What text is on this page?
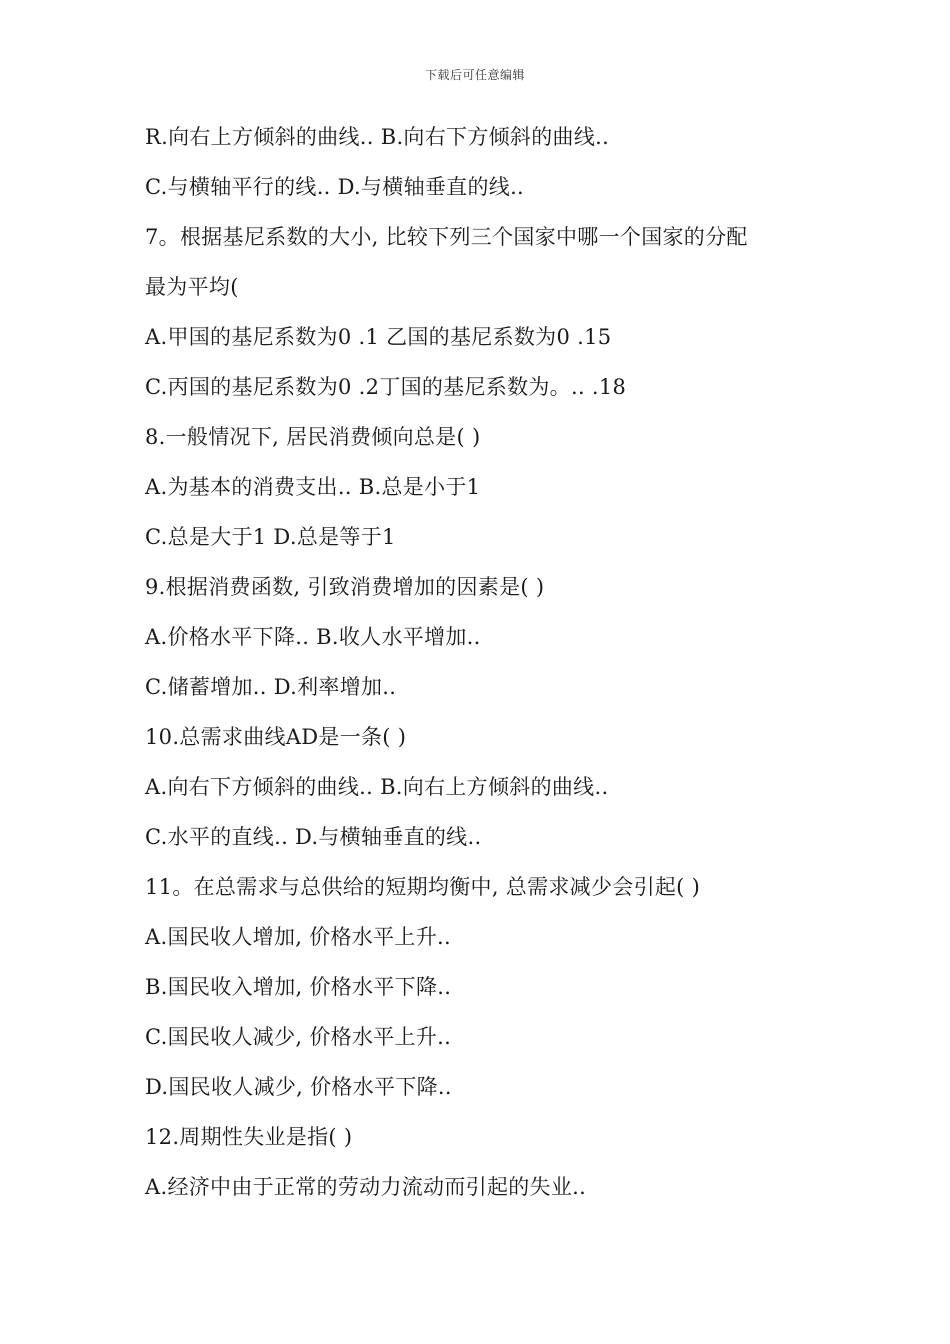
下载后可任意编辑
R.向右上方倾斜的曲线.. B.向右下方倾斜的曲线..
C.与横轴平行的线.. D.与横轴垂直的线..
7。根据基尼系数的大小, 比较下列三个国家中哪一个国家的分配
最为平均(
A.甲国的基尼系数为0 .1 乙国的基尼系数为0 .15
C.丙国的基尼系数为0 .2丁国的基尼系数为。.. .18
8.一般情况下, 居民消费倾向总是( )
A.为基本的消费支出.. B.总是小于1
C.总是大于1 D.总是等于1
9.根据消费函数, 引致消费增加的因素是( )
A.价格水平下降.. B.收人水平增加..
C.储蓄增加.. D.利率增加..
10.总需求曲线AD是一条( )
A.向右下方倾斜的曲线.. B.向右上方倾斜的曲线..
C.水平的直线.. D.与横轴垂直的线..
11。在总需求与总供给的短期均衡中, 总需求减少会引起( )
A.国民收人增加, 价格水平上升..
B.国民收入增加, 价格水平下降..
C.国民收人减少, 价格水平上升..
D.国民收人减少, 价格水平下降..
12.周期性失业是指( )
A.经济中由于正常的劳动力流动而引起的失业..
